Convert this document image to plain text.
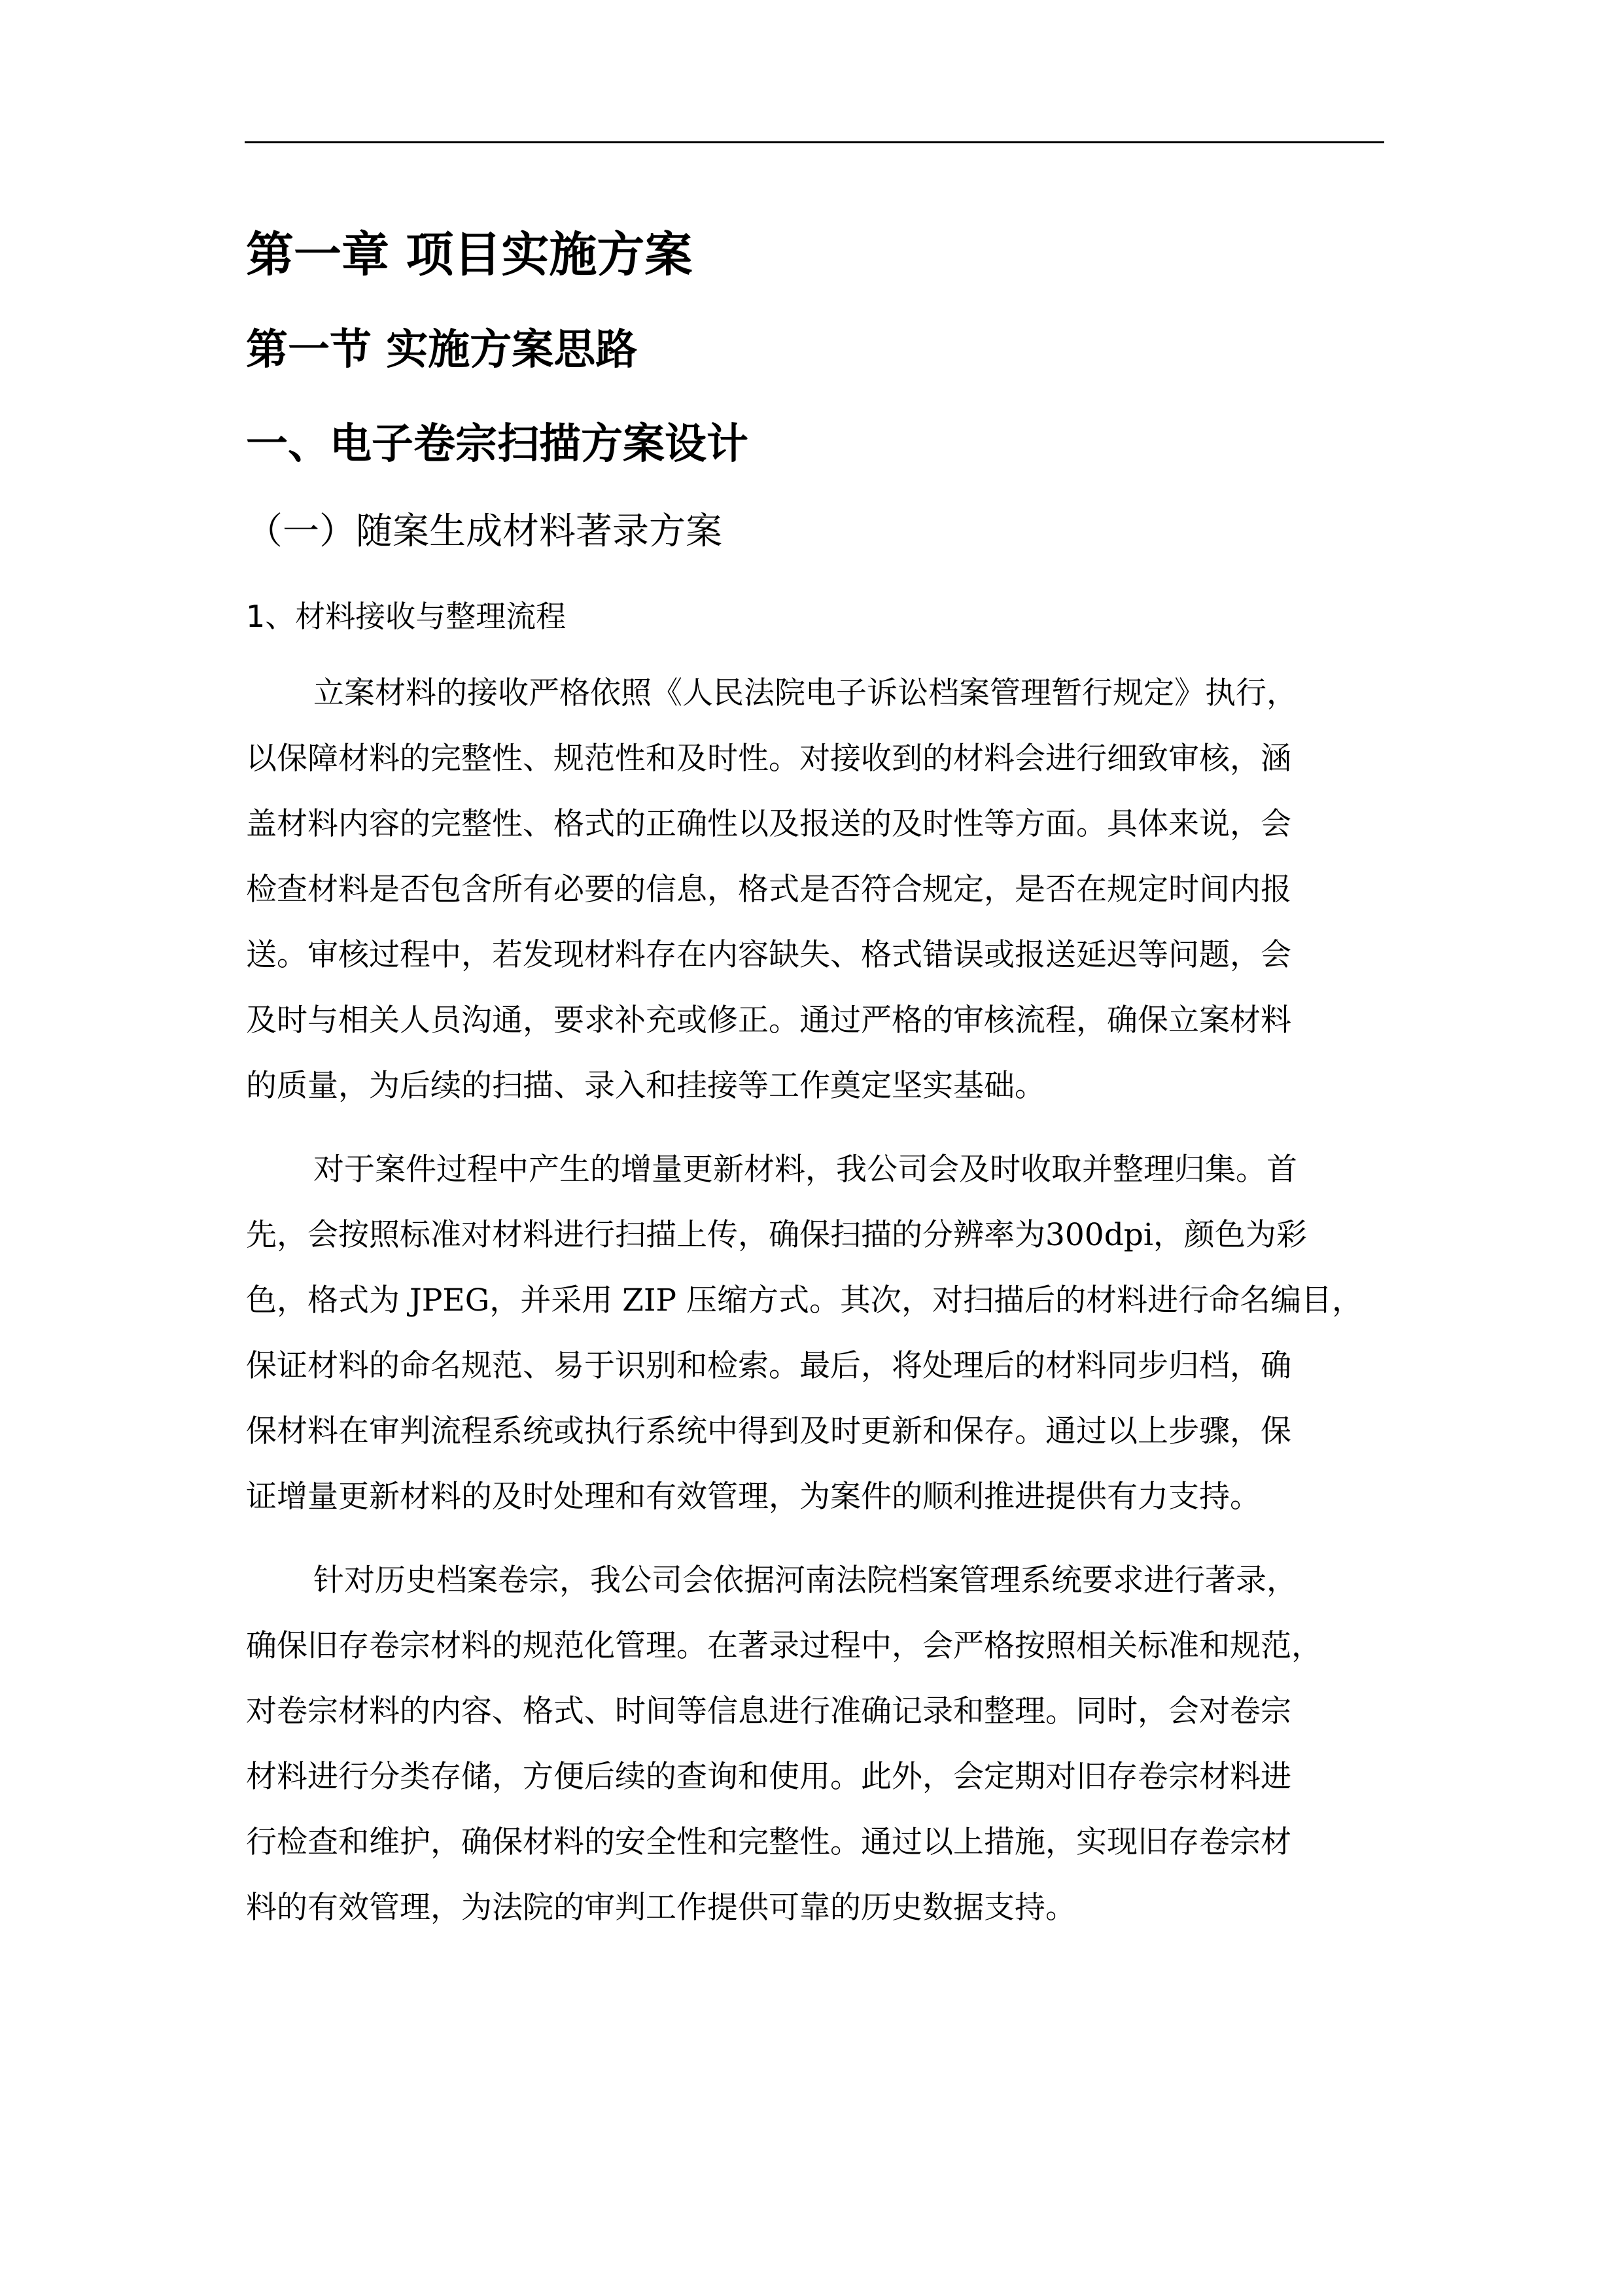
第一章 项目实施方案
第一节 实施方案思路
一、电子卷宗扫描方案设计
（一）随案生成材料著录方案
1、材料接收与整理流程
立案材料的接收严格依照《人民法院电子诉讼档案管理暂行规定》执行，
以保障材料的完整性、规范性和及时性。对接收到的材料会进行细致审核，涵
盖材料内容的完整性、格式的正确性以及报送的及时性等方面。具体来说，会
检查材料是否包含所有必要的信息，格式是否符合规定，是否在规定时间内报
送。审核过程中，若发现材料存在内容缺失、格式错误或报送延迟等问题，会
及时与相关人员沟通，要求补充或修正。通过严格的审核流程，确保立案材料
的质量，为后续的扫描、录入和挂接等工作奠定坚实基础。
对于案件过程中产生的增量更新材料，我公司会及时收取并整理归集。首
先，会按照标准对材料进行扫描上传，确保扫描的分辨率为300dpi，颜色为彩
色，格式为 JPEG，并采用 ZIP 压缩方式。其次，对扫描后的材料进行命名编目，
保证材料的命名规范、易于识别和检索。最后，将处理后的材料同步归档，确
保材料在审判流程系统或执行系统中得到及时更新和保存。通过以上步骤，保
证增量更新材料的及时处理和有效管理，为案件的顺利推进提供有力支持。
针对历史档案卷宗，我公司会依据河南法院档案管理系统要求进行著录，
确保旧存卷宗材料的规范化管理。在著录过程中，会严格按照相关标准和规范，
对卷宗材料的内容、格式、时间等信息进行准确记录和整理。同时，会对卷宗
材料进行分类存储，方便后续的查询和使用。此外，会定期对旧存卷宗材料进
行检查和维护，确保材料的安全性和完整性。通过以上措施，实现旧存卷宗材
料的有效管理，为法院的审判工作提供可靠的历史数据支持。
